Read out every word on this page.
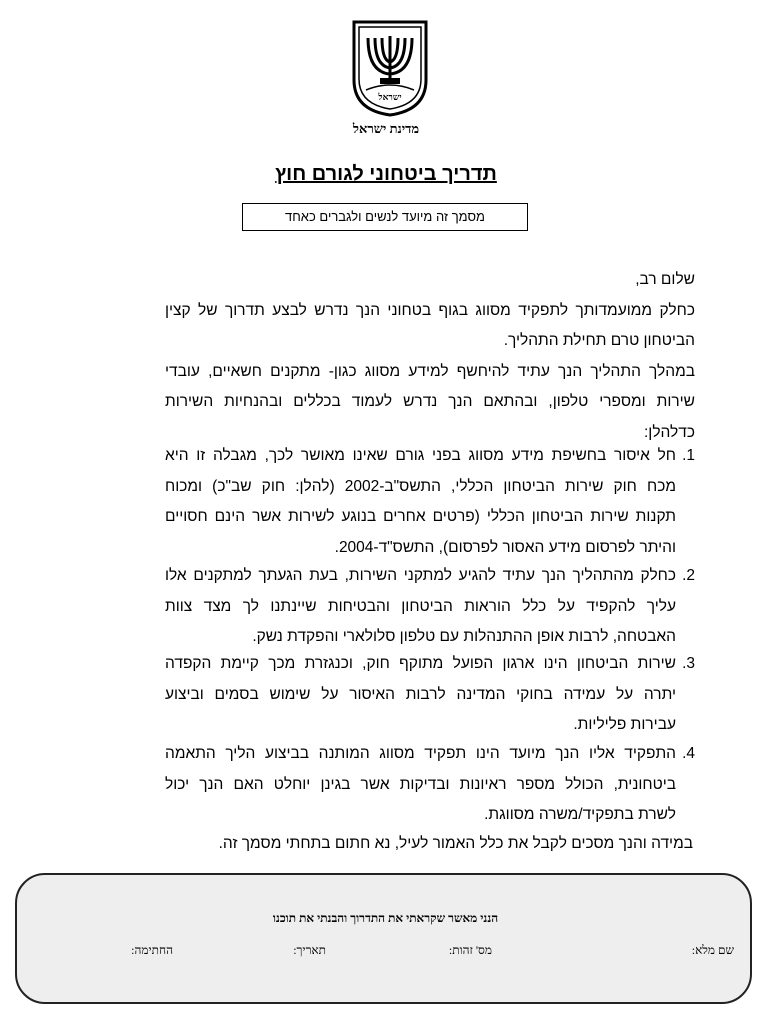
ישראל
מדינת ישראל
תדריך ביטחוני לגורם חוץ
מסמך זה מיועד לנשים ולגברים כאחד
שלום רב,
כחלק ממועמדותך לתפקיד מסווג בגוף בטחוני הנך נדרש לבצע תדרוך של קצין
הביטחון טרם תחילת התהליך.
במהלך התהליך הנך עתיד להיחשף למידע מסווג כגון- מתקנים חשאיים, עובדי
שירות ומספרי טלפון, ובהתאם הנך נדרש לעמוד בכללים ובהנחיות השירות
כדלהלן:
1.
חל איסור בחשיפת מידע מסווג בפני גורם שאינו מאושר לכך, מגבלה זו היא
מכח חוק שירות הביטחון הכללי, התשס"ב-2002 (להלן: חוק שב"כ) ומכוח
תקנות שירות הביטחון הכללי (פרטים אחרים בנוגע לשירות אשר הינם חסויים
והיתר לפרסום מידע האסור לפרסום), התשס"ד-2004.
2.
כחלק מהתהליך הנך עתיד להגיע למתקני השירות, בעת הגעתך למתקנים אלו
עליך להקפיד על כלל הוראות הביטחון והבטיחות שיינתנו לך מצד צוות
האבטחה, לרבות אופן ההתנהלות עם טלפון סלולארי והפקדת נשק.
3.
שירות הביטחון הינו ארגון הפועל מתוקף חוק, וכנגזרת מכך קיימת הקפדה
יתרה על עמידה בחוקי המדינה לרבות האיסור על שימוש בסמים וביצוע
עבירות פליליות.
4.
התפקיד אליו הנך מיועד הינו תפקיד מסווג המותנה בביצוע הליך התאמה
ביטחונית, הכולל מספר ראיונות ובדיקות אשר בגינן יוחלט האם הנך יכול
לשרת בתפקיד/משרה מסווגת.
במידה והנך מסכים לקבל את כלל האמור לעיל, נא חתום בתחתי מסמך זה.
הנני מאשר שקראתי את התדרוך והבנתי את תוכנו
שם מלא:
מס' זהות:
תאריך:
החתימה:
